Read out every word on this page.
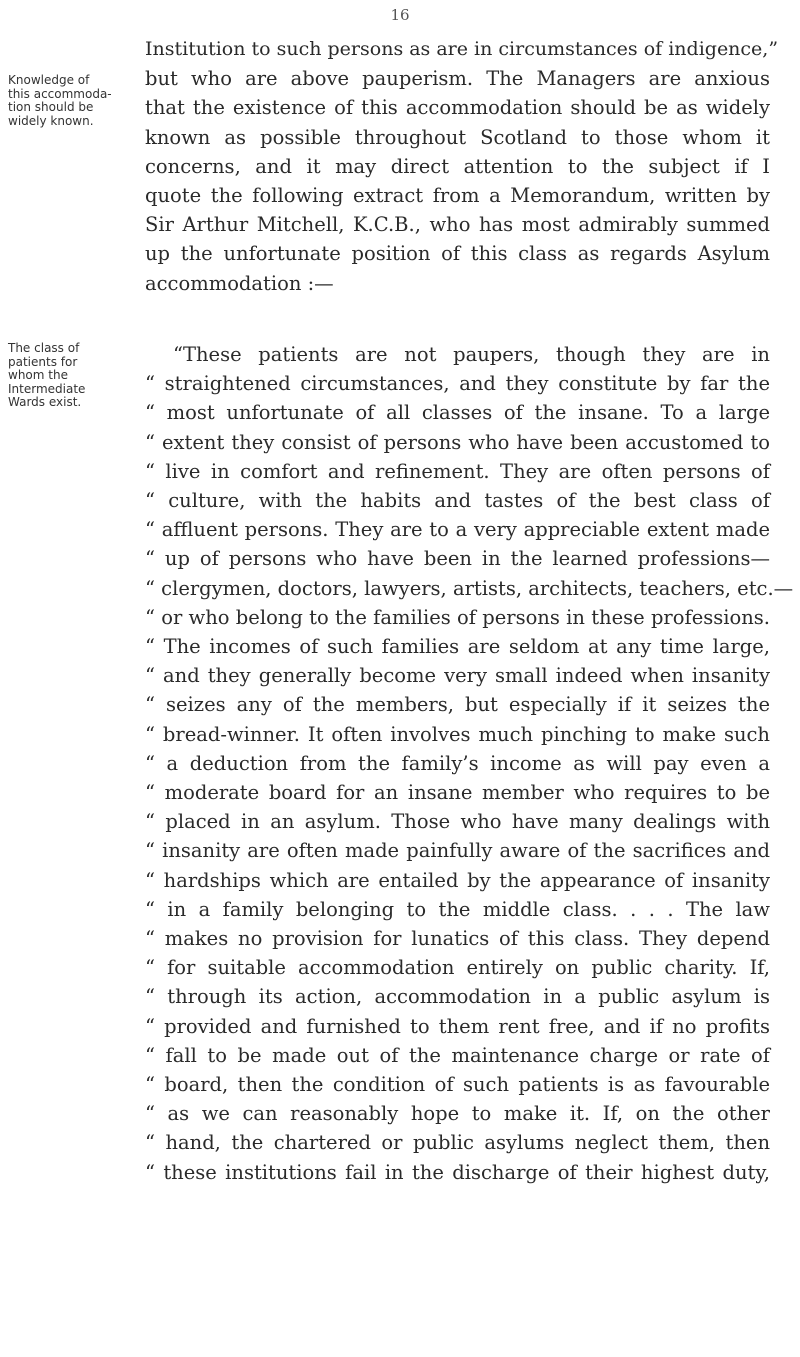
16
Knowledge of
this accommoda-
tion should be
widely known.
The class of
patients for
whom the
Intermediate
Wards exist.
Institution to such persons as are in circumstances of indigence,”
but who are above pauperism. The Managers are anxious
that the existence of this accommodation should be as widely
known as possible throughout Scotland to those whom it
concerns, and it may direct attention to the subject if I
quote the following extract from a Memorandum, written by
Sir Arthur Mitchell, K.C.B., who has most admirably summed
up the unfortunate position of this class as regards Asylum
accommodation :—
“These patients are not paupers, though they are in
“ straightened circumstances, and they constitute by far the
“ most unfortunate of all classes of the insane. To a large
“ extent they consist of persons who have been accustomed to
“ live in comfort and refinement. They are often persons of
“ culture, with the habits and tastes of the best class of
“ affluent persons. They are to a very appreciable extent made
“ up of persons who have been in the learned professions—
“ clergymen, doctors, lawyers, artists, architects, teachers, etc.—
“ or who belong to the families of persons in these professions.
“ The incomes of such families are seldom at any time large,
“ and they generally become very small indeed when insanity
“ seizes any of the members, but especially if it seizes the
“ bread-winner. It often involves much pinching to make such
“ a deduction from the family’s income as will pay even a
“ moderate board for an insane member who requires to be
“ placed in an asylum. Those who have many dealings with
“ insanity are often made painfully aware of the sacrifices and
“ hardships which are entailed by the appearance of insanity
“ in a family belonging to the middle class. . . . The law
“ makes no provision for lunatics of this class. They depend
“ for suitable accommodation entirely on public charity. If,
“ through its action, accommodation in a public asylum is
“ provided and furnished to them rent free, and if no profits
“ fall to be made out of the maintenance charge or rate of
“ board, then the condition of such patients is as favourable
“ as we can reasonably hope to make it. If, on the other
“ hand, the chartered or public asylums neglect them, then
“ these institutions fail in the discharge of their highest duty,
